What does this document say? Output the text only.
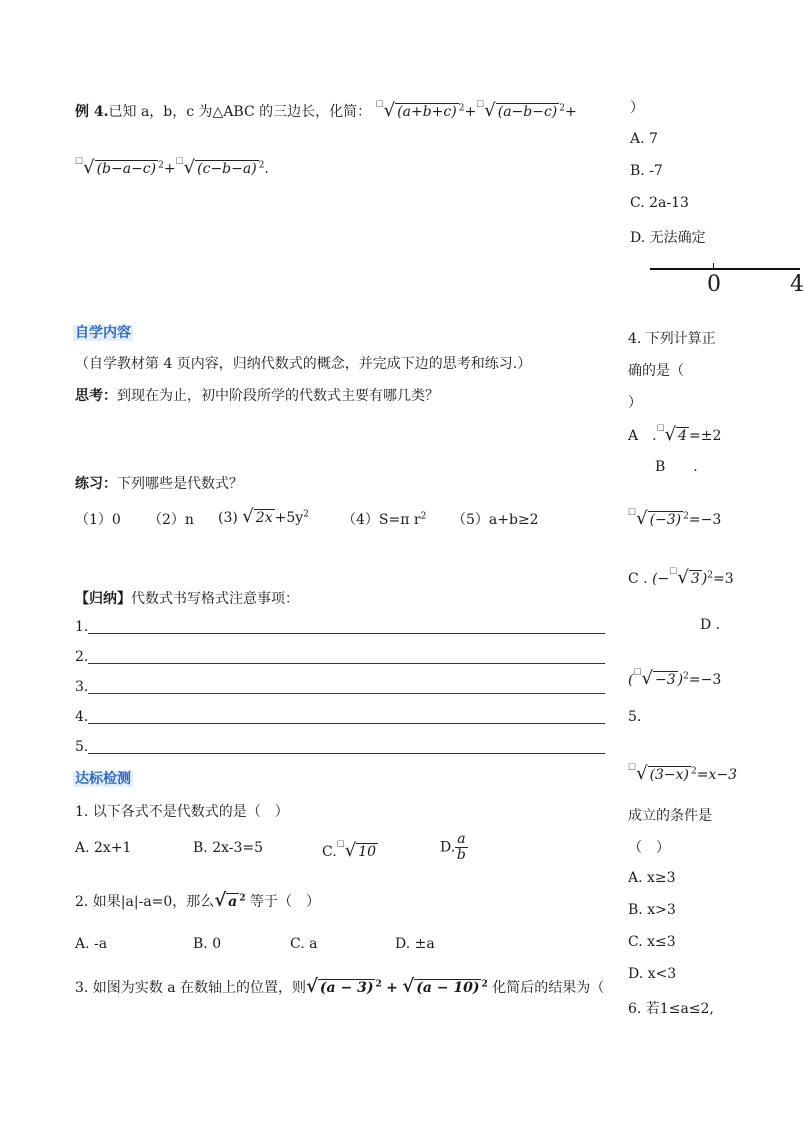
例 4.已知 a，b，c 为△ABC 的三边长，化简： ☐√ (a+b+c) $^2$+☐√ (a−b−c) $^2$+
☐√ (b−a−c) $^2$+☐√ (c−b−a) $^2$.
）
A. 7
B. -7
C. 2a-13
D. 无法确定
0	4
自学内容
（自学教材第 4 页内容，归纳代数式的概念，并完成下边的思考和练习.）
思考：到现在为止，初中阶段所学的代数式主要有哪几类？
练习：下列哪些是代数式？
（1）0 （2）n (3) √ $2x +5y^2$ （4）S=π $r^2$ （5）a+b≥2
【归纳】代数式书写格式注意事项：
1.
2.
3.
4.
5.
达标检测
1. 以下各式不是代数式的是（　）
A. 2x+1	B. 2x-3=5	C.☐√ 10	D. $\frac{a}{b}$
2. 如果|a|-a=0，那么√ a $^2$ 等于（　）
A. -a	B. 0	C. a	D. ±a
3. 如图为实数 a 在数轴上的位置，则√ (a − 3) $^2$ + √ (a − 10) $^2$ 化简后的结果为（
4. 下列计算正
确的是（
）
A　.☐√ 4 =±2
B　　.
☐√ (−3) $^2$=−3
C . (−☐√ 3 )$^2$=3
D .
(☐√ −3 )$^2$=−3
5.
☐√ (3−x) $^2$=x−3
成立的条件是
（　）
A. x≥3
B. x>3
C. x≤3
D. x<3
6. 若1≤a≤2,
